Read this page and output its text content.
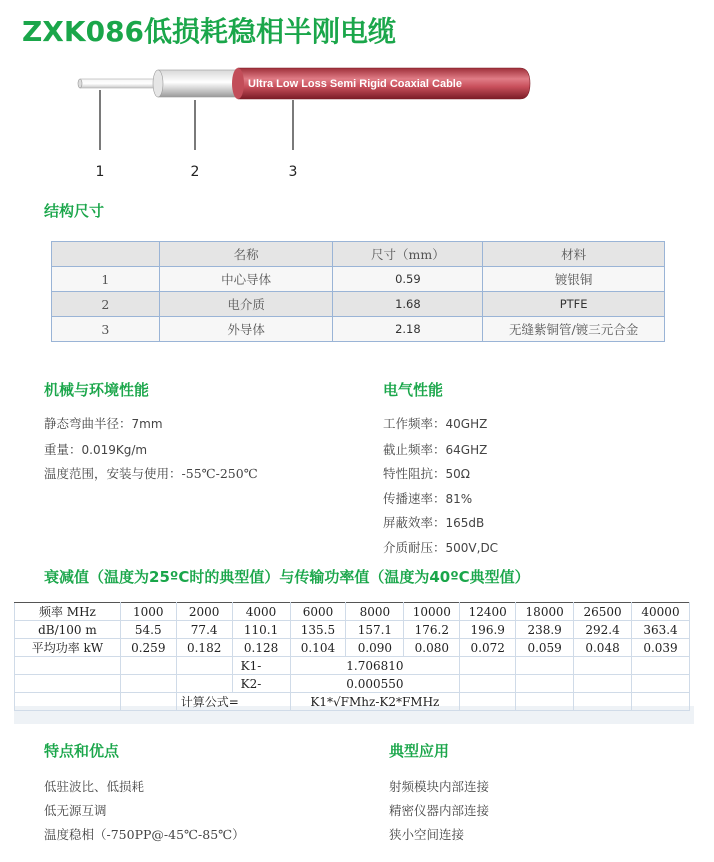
ZXK086低损耗稳相半刚电缆
Ultra Low Loss Semi Rigid Coaxial Cable
1	2	3
结构尺寸
	名称	尺寸（mm）	材料
1	中心导体	0.59	镀银铜
2	电介质	1.68	PTFE
3	外导体	2.18	无缝紫铜管/镀三元合金
机械与环境性能
静态弯曲半径：7mm
重量：0.019Kg/m
温度范围，安装与使用：-55℃-250℃
电气性能
工作频率：40GHZ
截止频率：64GHZ
特性阻抗：50Ω
传播速率：81%
屏蔽效率：165dB
介质耐压：500V,DC
衰减值（温度为25ºC时的典型值）与传输功率值（温度为40ºC典型值）
频率 MHz	1000	2000	4000	6000	8000	10000	12400	18000	26500	40000
dB/100 m	54.5	77.4	110.1	135.5	157.1	176.2	196.9	238.9	292.4	363.4
平均功率 kW	0.259	0.182	0.128	0.104	0.090	0.080	0.072	0.059	0.048	0.039
			K1-	1.706810						
			K2-	0.000550						
		计算公式=		K1*√FMhz-K2*FMHz						
特点和优点
低驻波比、低损耗
低无源互调
温度稳相（-750PP@-45℃-85℃）
典型应用
射频模块内部连接
精密仪器内部连接
狭小空间连接
